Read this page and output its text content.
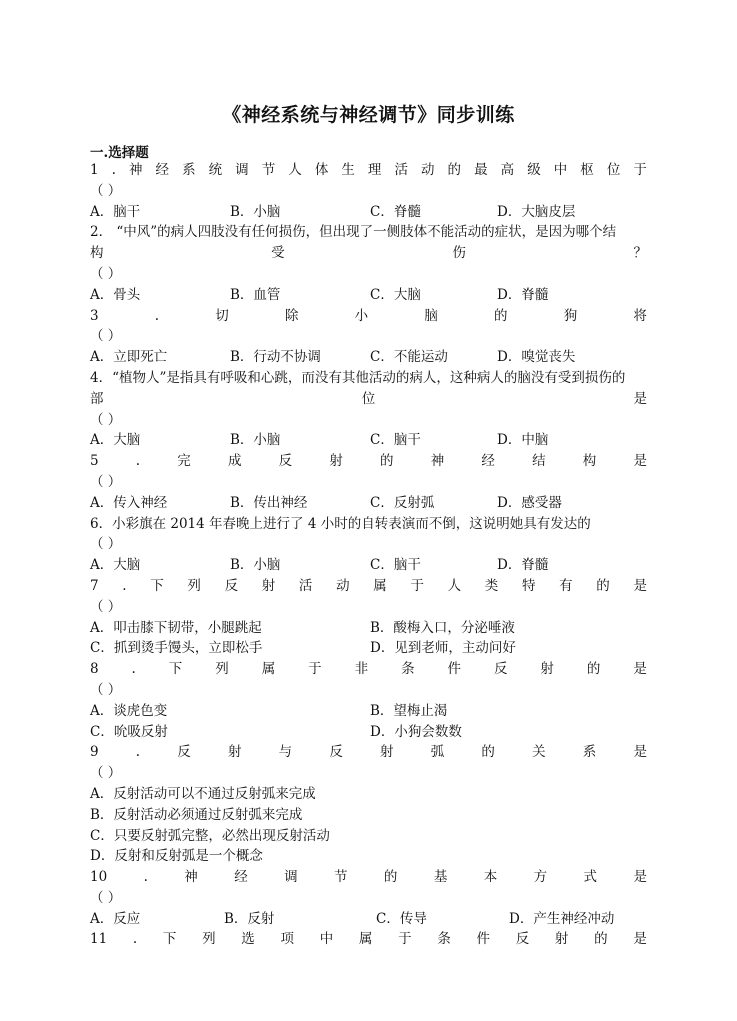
《神经系统与神经调节》同步训练
一.选择题
1 . 神 经 系 统 调 节 人 体 生 理 活 动 的 最 高 级 中 枢 位 于
（ ）
A．脑干	B．小脑	C．脊髓	D．大脑皮层
2． “中风”的病人四肢没有任何损伤，但出现了一侧肢体不能活动的症状，是因为哪个结
构	受	伤	？
（ ）
A．骨头	B．血管	C．大脑	D．脊髓
3	.	切	除	小	脑	的	狗	将
（ ）
A．立即死亡	B．行动不协调	C．不能运动	D．嗅觉丧失
4．“植物人”是指具有呼吸和心跳，而没有其他活动的病人，这种病人的脑没有受到损伤的
部	位	是
（ ）
A．大脑	B．小脑	C．脑干	D．中脑
5	.	完	成	反	射	的	神	经	结	构	是
（ ）
A．传入神经	B．传出神经	C．反射弧	D．感受器
6．小彩旗在 2014 年春晚上进行了 4 小时的自转表演而不倒，这说明她具有发达的
（ ）
A．大脑	B．小脑	C．脑干	D．脊髓
7 . 下 列 反 射 活 动 属 于 人 类 特 有 的 是
（ ）
A．叩击膝下韧带，小腿跳起	B．酸梅入口，分泌唾液
C．抓到烫手馒头，立即松手	D．见到老师，主动问好
8 . 下 列 属 于 非 条 件 反 射 的 是
（ ）
A．谈虎色变	B．望梅止渴
C．吮吸反射	D．小狗会数数
9	.	反	射	与	反	射	弧	的	关	系	是
（ ）
A．反射活动可以不通过反射弧来完成
B．反射活动必须通过反射弧来完成
C．只要反射弧完整，必然出现反射活动
D．反射和反射弧是一个概念
10	.	神	经	调	节	的	基	本	方	式	是
（ ）
A．反应	B．反射	C．传导	D．产生神经冲动
11 . 下 列 选 项 中 属 于 条 件 反 射 的 是
